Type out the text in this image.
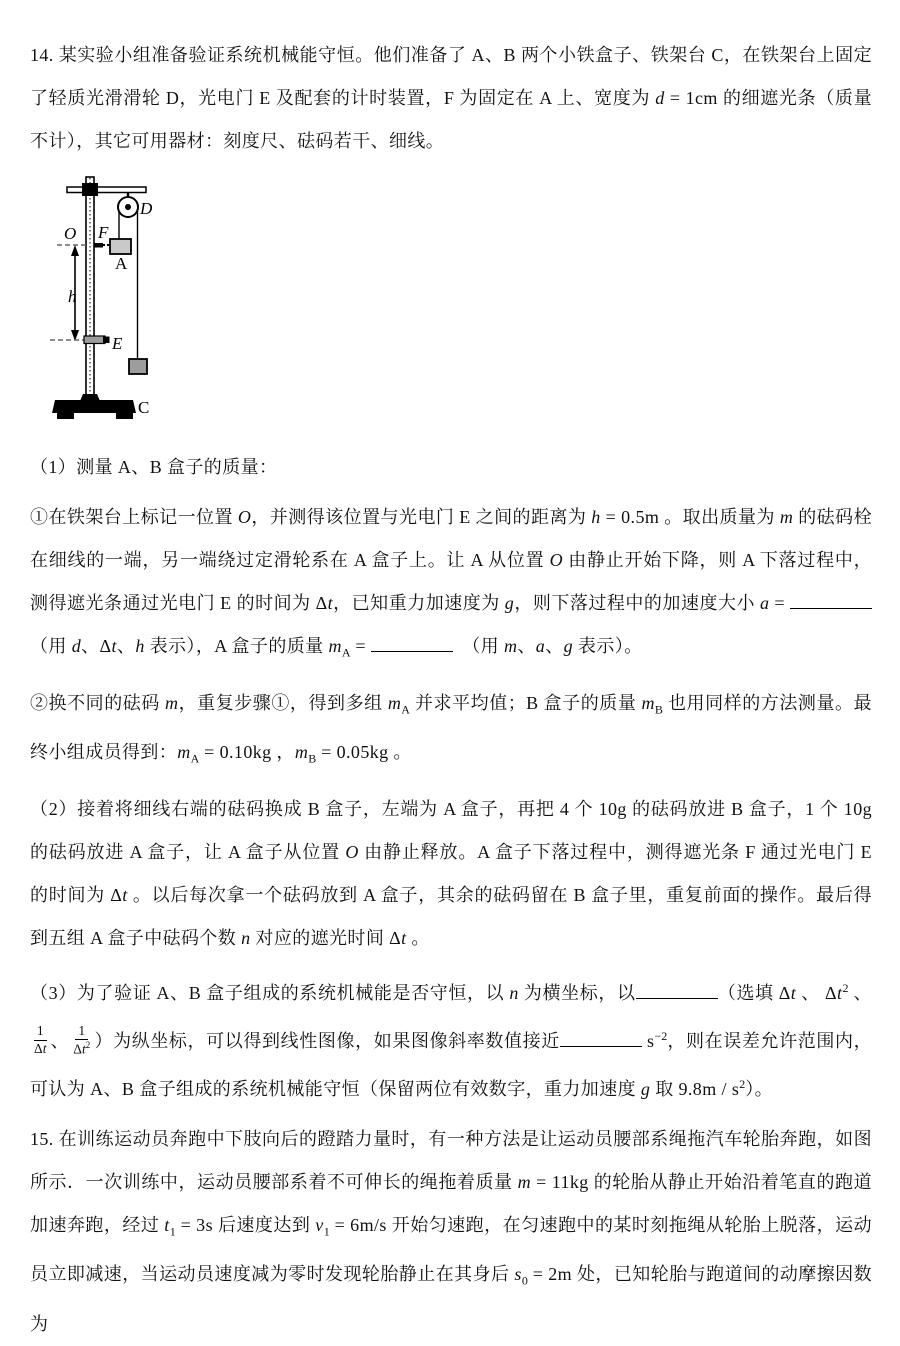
14. 某实验小组准备验证系统机械能守恒。他们准备了 A、B 两个小铁盒子、铁架台 C，在铁架台上固定了轻质光滑滑轮 D，光电门 E 及配套的计时装置，F 为固定在 A 上、宽度为 d = 1cm 的细遮光条（质量不计），其它可用器材：刻度尺、砝码若干、细线。

D
O F
A
h
E
C

（1）测量 A、B 盒子的质量：

①在铁架台上标记一位置 O，并测得该位置与光电门 E 之间的距离为 h = 0.5m 。取出质量为 m 的砝码栓在细线的一端，另一端绕过定滑轮系在 A 盒子上。让 A 从位置 O 由静止开始下降，则 A 下落过程中，测得遮光条通过光电门 E 的时间为 Δt，已知重力加速度为 g，则下落过程中的加速度大小 a = （用 d、Δt、h 表示），A 盒子的质量 $m_A$ =	　（用 m、a、g 表示）。

②换不同的砝码 m，重复步骤①，得到多组 $m_A$ 并求平均值；B 盒子的质量 $m_B$ 也用同样的方法测量。最终小组成员得到：$m_A = 0.10kg$ ，$m_B = 0.05kg$ 。

（2）接着将细线右端的砝码换成 B 盒子，左端为 A 盒子，再把 4 个 10g 的砝码放进 B 盒子，1 个 10g 的砝码放进 A 盒子，让 A 盒子从位置 O 由静止释放。A 盒子下落过程中，测得遮光条 F 通过光电门 E 的时间为 Δt 。以后每次拿一个砝码放到 A 盒子，其余的砝码留在 B 盒子里，重复前面的操作。最后得到五组 A 盒子中砝码个数 n 对应的遮光时间 Δt 。

（3）为了验证 A、B 盒子组成的系统机械能是否守恒，以 n 为横坐标，以	（选填 Δt 、 $\Delta t^2$ 、
$\frac{1}{\Delta t}$ 、 $\frac{1}{\Delta t^2}$ ）为纵坐标，可以得到线性图像，如果图像斜率数值接近	$s^{-2}$，则在误差允许范围内，可认为 A、B 盒子组成的系统机械能守恒（保留两位有效数字，重力加速度 g 取 $9.8m / s^2$）。

15. 在训练运动员奔跑中下肢向后的蹬踏力量时，有一种方法是让运动员腰部系绳拖汽车轮胎奔跑，如图所示．一次训练中，运动员腰部系着不可伸长的绳拖着质量 m = 11kg 的轮胎从静止开始沿着笔直的跑道加速奔跑，经过 $t_1 = 3s$ 后速度达到 $v_1 = 6m/s$ 开始匀速跑，在匀速跑中的某时刻拖绳从轮胎上脱落，运动员立即减速，当运动员速度减为零时发现轮胎静止在其身后 $s_0 = 2m$ 处，已知轮胎与跑道间的动摩擦因数为
